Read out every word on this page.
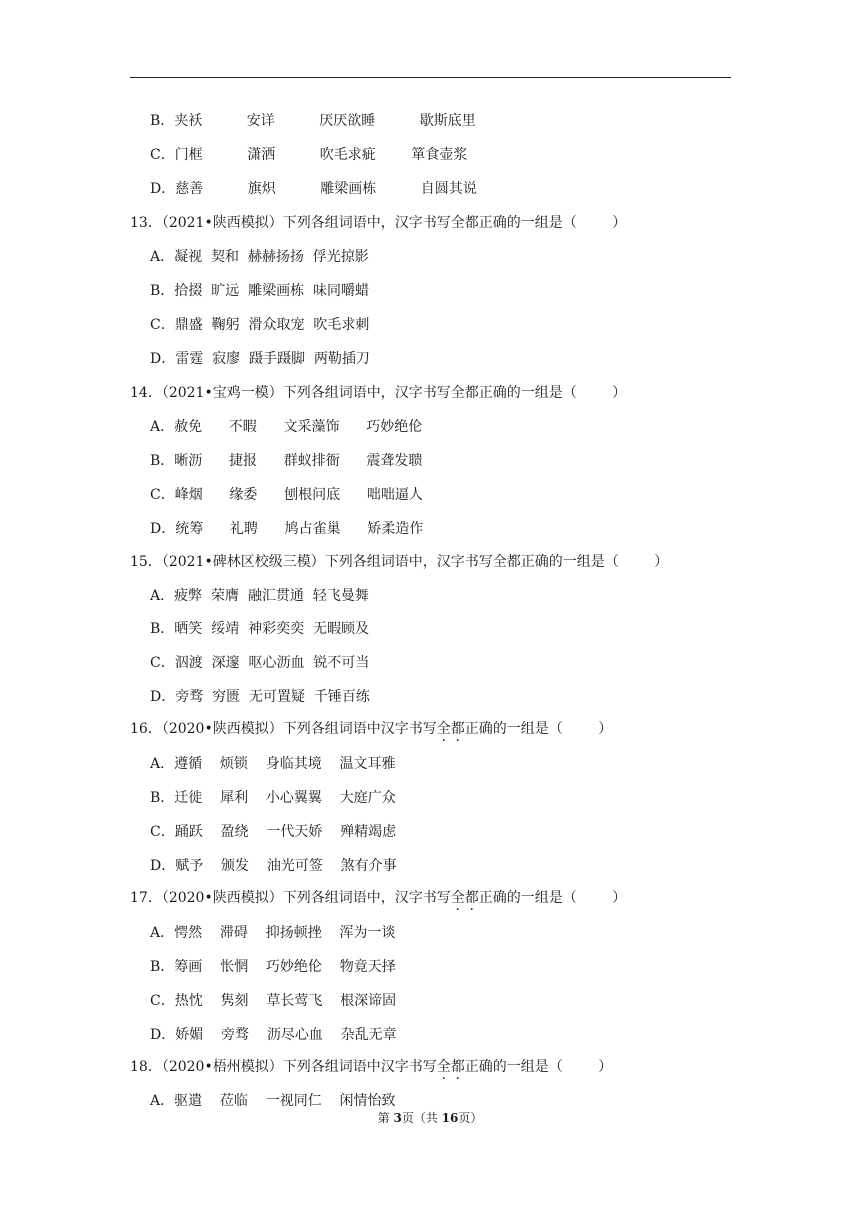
B．夹袄          安详          厌厌欲睡          歇斯底里
C．门框          潇洒          吹毛求疵        箪食壶浆
D．慈善          旗炽          雕梁画栋          自圆其说
13．（2021•陕西模拟）下列各组词语中，汉字书写全都正确的一组是（        ）
A．凝视  契和  赫赫扬扬  俘光掠影
B．拾掇  旷远  雕梁画栋  味同嚼蜡
C．鼎盛  鞠躬  滑众取宠  吹毛求刺
D．雷霆  寂廖  蹑手蹑脚  两勒插刀
14．（2021•宝鸡一模）下列各组词语中，汉字书写全都正确的一组是（        ）
A．赦免      不暇      文采藻饰      巧妙绝伦
B．晰沥      捷报      群蚁排衙      震聋发聩
C．峰烟      缘委      刨根问底      咄咄逼人
D．统筹      礼聘      鸠占雀巢      矫柔造作
15．（2021•碑林区校级三模）下列各组词语中，汉字书写全都正确的一组是（        ）
A．疲弊  荣膺  融汇贯通  轻飞曼舞
B．晒笑  绥靖  神彩奕奕  无暇顾及
C．泅渡  深邃  呕心沥血  锐不可当
D．旁骛  穷匮  无可置疑  千锤百练
16．（2020•陕西模拟）下列各组词语中汉字书写全都正确的一组是（        ）
A．遵循    烦锁    身临其境    温文耳雅
B．迁徙    犀利    小心翼翼    大庭广众
C．踊跃    盈绕    一代天娇    殚精竭虑
D．赋予    颁发    油光可签    煞有介事
17．（2020•陕西模拟）下列各组词语中，汉字书写全都正确的一组是（        ）
A．愕然    滞碍    抑扬顿挫    浑为一谈
B．筹画    怅惘    巧妙绝伦    物竟天择
C．热忱    隽刻    草长莺飞    根深谛固
D．娇媚    旁骛    沥尽心血    杂乱无章
18．（2020•梧州模拟）下列各组词语中汉字书写全都正确的一组是（        ）
A．驱遣    莅临    一视同仁    闲情怡致
第 3页（共 16页）
